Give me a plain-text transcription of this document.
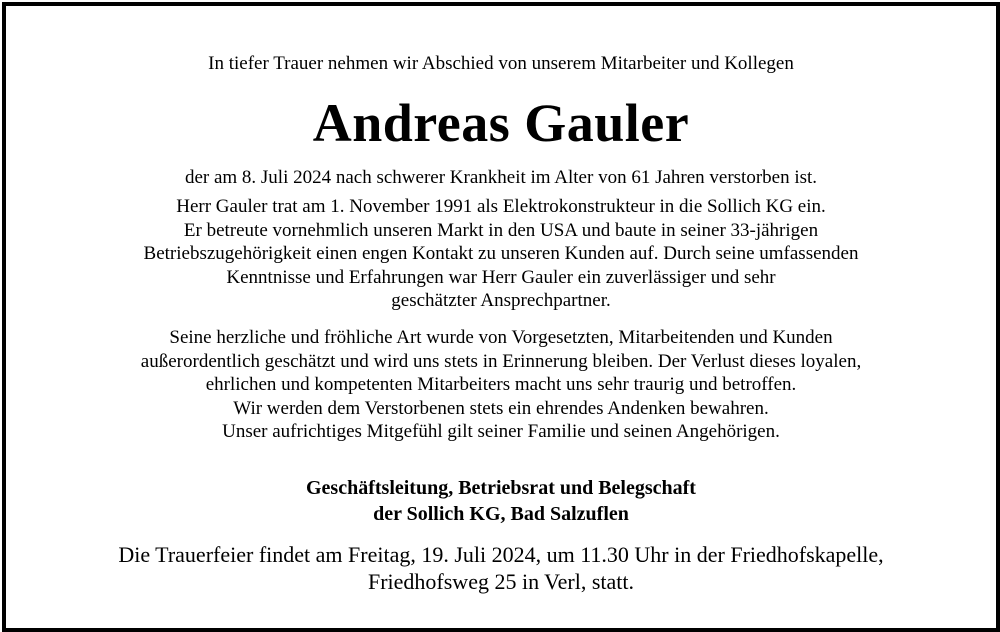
In tiefer Trauer nehmen wir Abschied von unserem Mitarbeiter und Kollegen
Andreas Gauler
der am 8. Juli 2024 nach schwerer Krankheit im Alter von 61 Jahren verstorben ist.
Herr Gauler trat am 1. November 1991 als Elektrokonstrukteur in die Sollich KG ein.
Er betreute vornehmlich unseren Markt in den USA und baute in seiner 33-jährigen
Betriebszugehörigkeit einen engen Kontakt zu unseren Kunden auf. Durch seine umfassenden
Kenntnisse und Erfahrungen war Herr Gauler ein zuverlässiger und sehr
geschätzter Ansprechpartner.
Seine herzliche und fröhliche Art wurde von Vorgesetzten, Mitarbeitenden und Kunden
außerordentlich geschätzt und wird uns stets in Erinnerung bleiben. Der Verlust dieses loyalen,
ehrlichen und kompetenten Mitarbeiters macht uns sehr traurig und betroffen.
Wir werden dem Verstorbenen stets ein ehrendes Andenken bewahren.
Unser aufrichtiges Mitgefühl gilt seiner Familie und seinen Angehörigen.
Geschäftsleitung, Betriebsrat und Belegschaft
der Sollich KG, Bad Salzuflen
Die Trauerfeier findet am Freitag, 19. Juli 2024, um 11.30 Uhr in der Friedhofskapelle,
Friedhofsweg 25 in Verl, statt.
